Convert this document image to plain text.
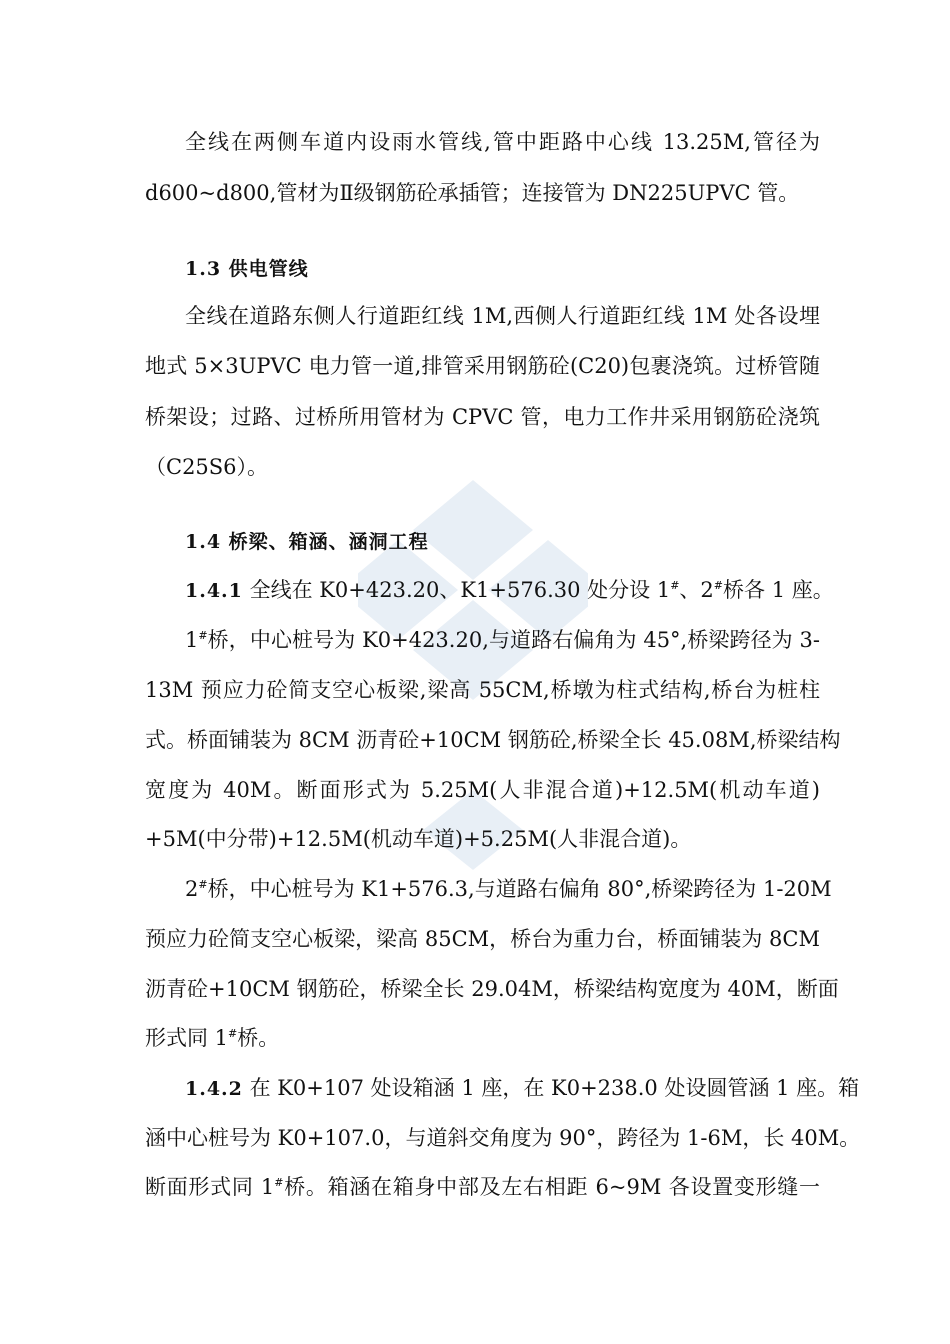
全线在两侧车道内设雨水管线,管中距路中心线 13.25M,管径为
d600~d800,管材为Ⅱ级钢筋砼承插管；连接管为 DN225UPVC 管。
1.3 供电管线
全线在道路东侧人行道距红线 1M,西侧人行道距红线 1M 处各设埋
地式 5×3UPVC 电力管一道,排管采用钢筋砼(C20)包裹浇筑。过桥管随
桥架设；过路、过桥所用管材为 CPVC 管，电力工作井采用钢筋砼浇筑
（C25S6）。
1.4 桥梁、箱涵、涵洞工程
1.4.1 全线在 K0+423.20、K1+576.30 处分设 1#、2#桥各 1 座。
1#桥，中心桩号为 K0+423.20,与道路右偏角为 45°,桥梁跨径为 3-
13M 预应力砼简支空心板梁,梁高 55CM,桥墩为柱式结构,桥台为桩柱
式。桥面铺装为 8CM 沥青砼+10CM 钢筋砼,桥梁全长 45.08M,桥梁结构
宽度为 40M。断面形式为 5.25M(人非混合道)+12.5M(机动车道)
+5M(中分带)+12.5M(机动车道)+5.25M(人非混合道)。
2#桥，中心桩号为 K1+576.3,与道路右偏角 80°,桥梁跨径为 1-20M
预应力砼简支空心板梁，梁高 85CM，桥台为重力台，桥面铺装为 8CM
沥青砼+10CM 钢筋砼，桥梁全长 29.04M，桥梁结构宽度为 40M，断面
形式同 1#桥。
1.4.2 在 K0+107 处设箱涵 1 座，在 K0+238.0 处设圆管涵 1 座。箱
涵中心桩号为 K0+107.0，与道斜交角度为 90°，跨径为 1-6M，长 40M。
断面形式同 1#桥。箱涵在箱身中部及左右相距 6~9M 各设置变形缝一
